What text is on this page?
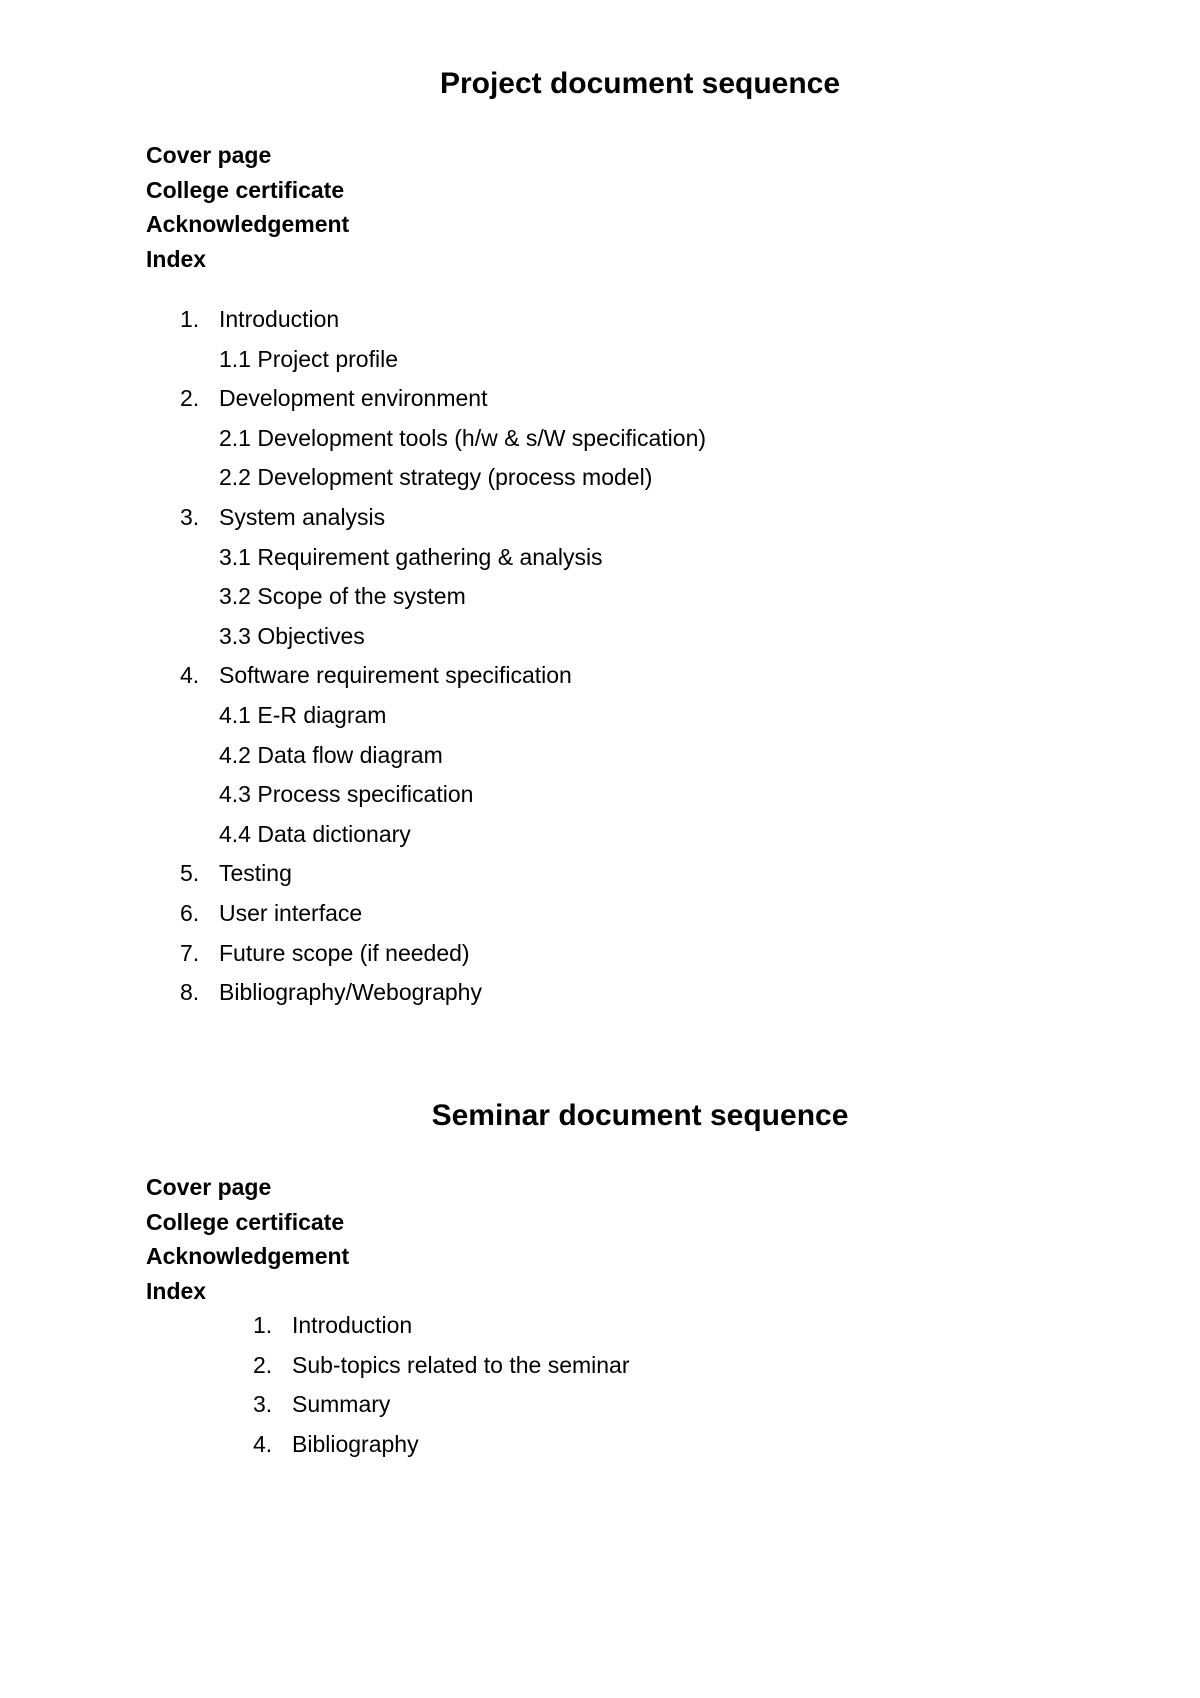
Project document sequence
Cover page
College certificate
Acknowledgement
Index
1. Introduction
1.1 Project profile
2. Development environment
2.1 Development tools (h/w & s/W specification)
2.2 Development strategy (process model)
3. System analysis
3.1 Requirement gathering & analysis
3.2 Scope of the system
3.3 Objectives
4. Software requirement specification
4.1 E-R diagram
4.2 Data flow diagram
4.3 Process specification
4.4 Data dictionary
5. Testing
6. User interface
7. Future scope (if needed)
8. Bibliography/Webography
Seminar document sequence
Cover page
College certificate
Acknowledgement
Index
1. Introduction
2. Sub-topics related to the seminar
3. Summary
4. Bibliography
